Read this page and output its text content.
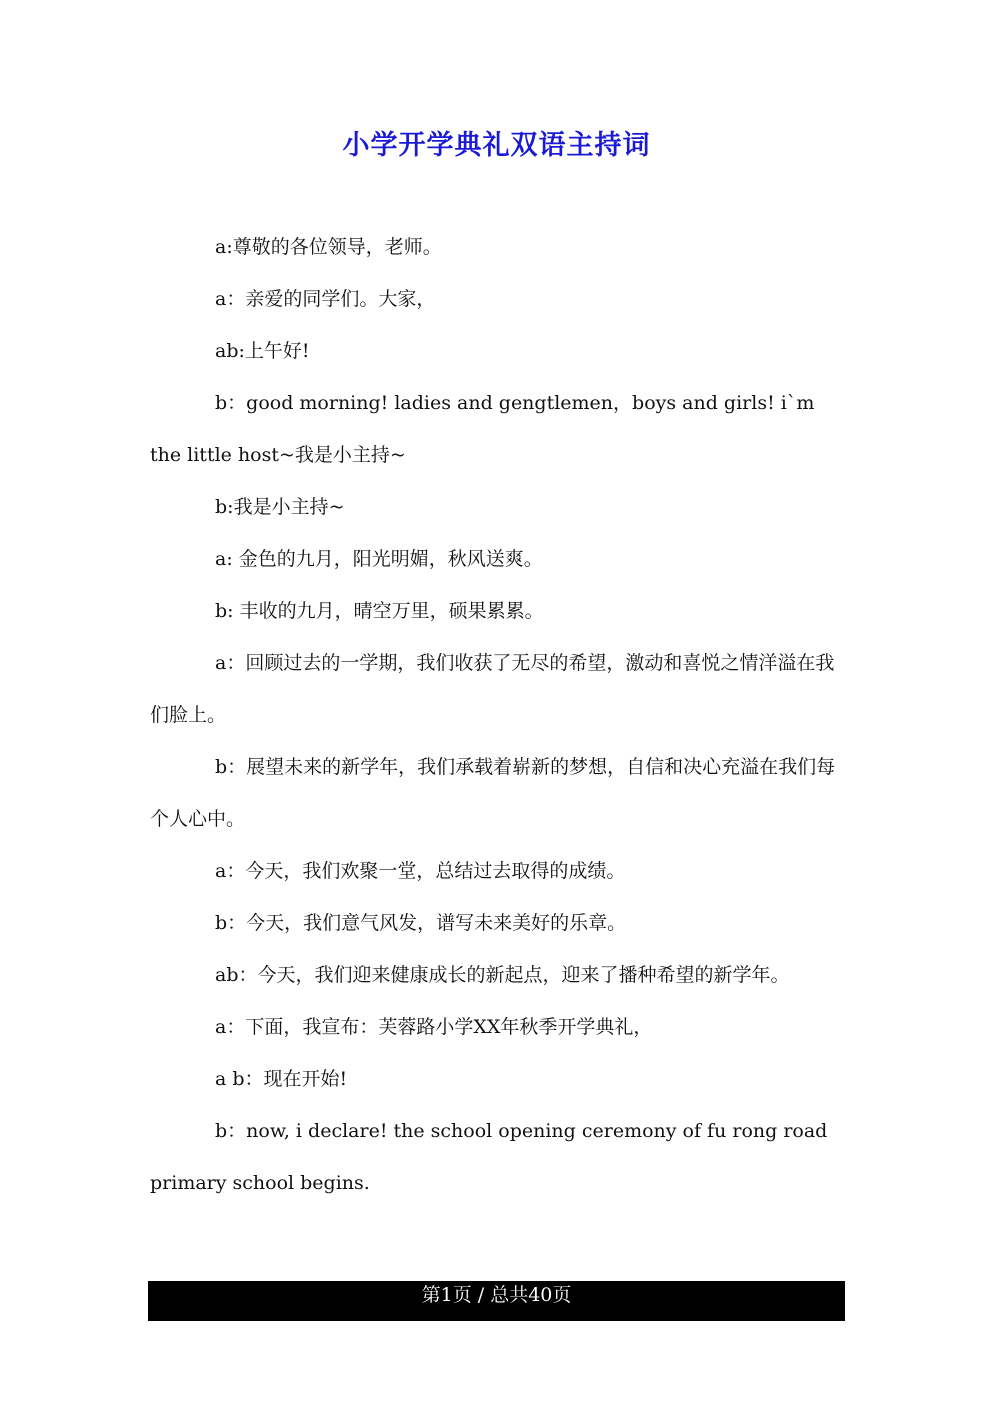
小学开学典礼双语主持词

a:尊敬的各位领导，老师。

a：亲爱的同学们。大家，

ab:上午好!

b：good morning! ladies and gengtlemen，boys and girls! i`m the little host~我是小主持~

b:我是小主持~

a: 金色的九月，阳光明媚，秋风送爽。

b: 丰收的九月，晴空万里，硕果累累。

a：回顾过去的一学期，我们收获了无尽的希望，激动和喜悦之情洋溢在我们脸上。

b：展望未来的新学年，我们承载着崭新的梦想，自信和决心充溢在我们每个人心中。

a：今天，我们欢聚一堂，总结过去取得的成绩。

b：今天，我们意气风发，谱写未来美好的乐章。

ab：今天，我们迎来健康成长的新起点，迎来了播种希望的新学年。

a：下面，我宣布：芙蓉路小学XX年秋季开学典礼，

a b：现在开始!

b：now, i declare! the school opening ceremony of fu rong road primary school begins.

第1页 / 总共40页
